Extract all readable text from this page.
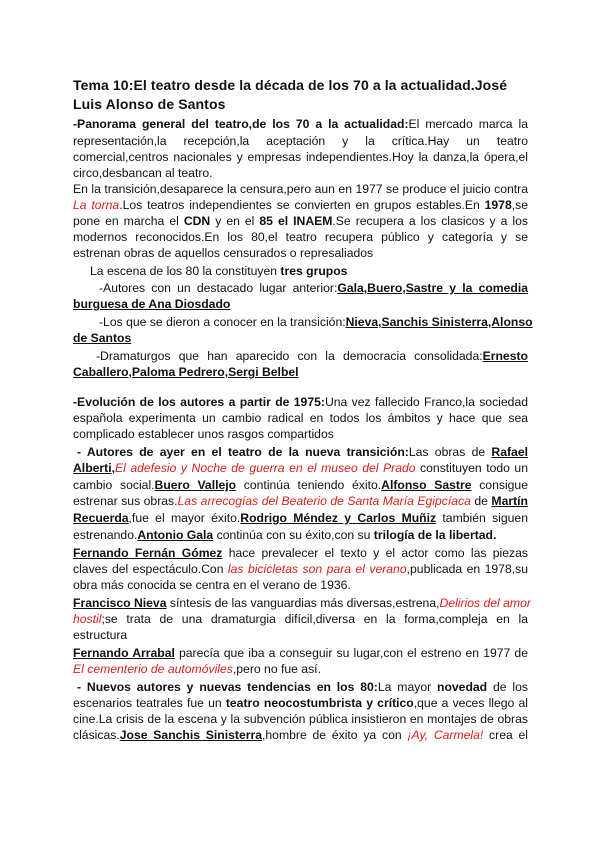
Tema 10:El teatro desde la década de los 70 a la actualidad.José
Luis Alonso de Santos
-Panorama general del teatro,de los 70 a la actualidad:El mercado marca la
representación,la recepción,la aceptación y la crítica.Hay un teatro
comercial,centros nacionales y empresas independientes.Hoy la danza,la ópera,el
circo,desbancan al teatro.
En la transición,desaparece la censura,pero aun en 1977 se produce el juicio contra
La torna.Los teatros independientes se convierten en grupos estables.En 1978,se
pone en marcha el CDN y en el 85 el INAEM.Se recupera a los clasicos y a los
modernos reconocidos.En los 80,el teatro recupera público y categoría y se
estrenan obras de aquellos censurados o represaliados
La escena de los 80 la constituyen tres grupos
-Autores con un destacado lugar anterior:Gala,Buero,Sastre y la comedia
burguesa de Ana Diosdado
-Los que se dieron a conocer en la transición:Nieva,Sanchis Sinisterra,Alonso
de Santos
-Dramaturgos que han aparecido con la democracia consolidada:Ernesto
Caballero,Paloma Pedrero,Sergi Belbel
-Evolución de los autores a partir de 1975:Una vez fallecido Franco,la sociedad
española experimenta un cambio radical en todos los ámbitos y hace que sea
complicado establecer unos rasgos compartidos
- Autores de ayer en el teatro de la nueva transición:Las obras de Rafael
Alberti,El adefesio y Noche de guerra en el museo del Prado constituyen todo un
cambio social.Buero Vallejo continúa teniendo éxito.Alfonso Sastre consigue
estrenar sus obras.Las arrecogías del Beaterio de Santa María Egipcíaca de Martín
Recuerda,fue el mayor éxito.Rodrigo Méndez y Carlos Muñiz también siguen
estrenando.Antonio Gala continúa con su éxito,con su trilogía de la libertad.
Fernando Fernán Gómez hace prevalecer el texto y el actor como las piezas
claves del espectáculo.Con las bicicletas son para el verano,publicada en 1978,su
obra más conocida se centra en el verano de 1936.
Francisco Nieva síntesis de las vanguardias más diversas,estrena,Delirios del amor
hostil;se trata de una dramaturgia difícil,diversa en la forma,compleja en la
estructura
Fernando Arrabal parecía que iba a conseguir su lugar,con el estreno en 1977 de
El cementerio de automóviles,pero no fue así.
- Nuevos autores y nuevas tendencias en los 80:La mayor novedad de los
escenarios teatrales fue un teatro neocostumbrista y crítico,que a veces llego al
cine.La crisis de la escena y la subvención pública insistieron en montajes de obras
clásicas.Jose Sanchis Sinisterra,hombre de éxito ya con ¡Ay, Carmela! crea el
